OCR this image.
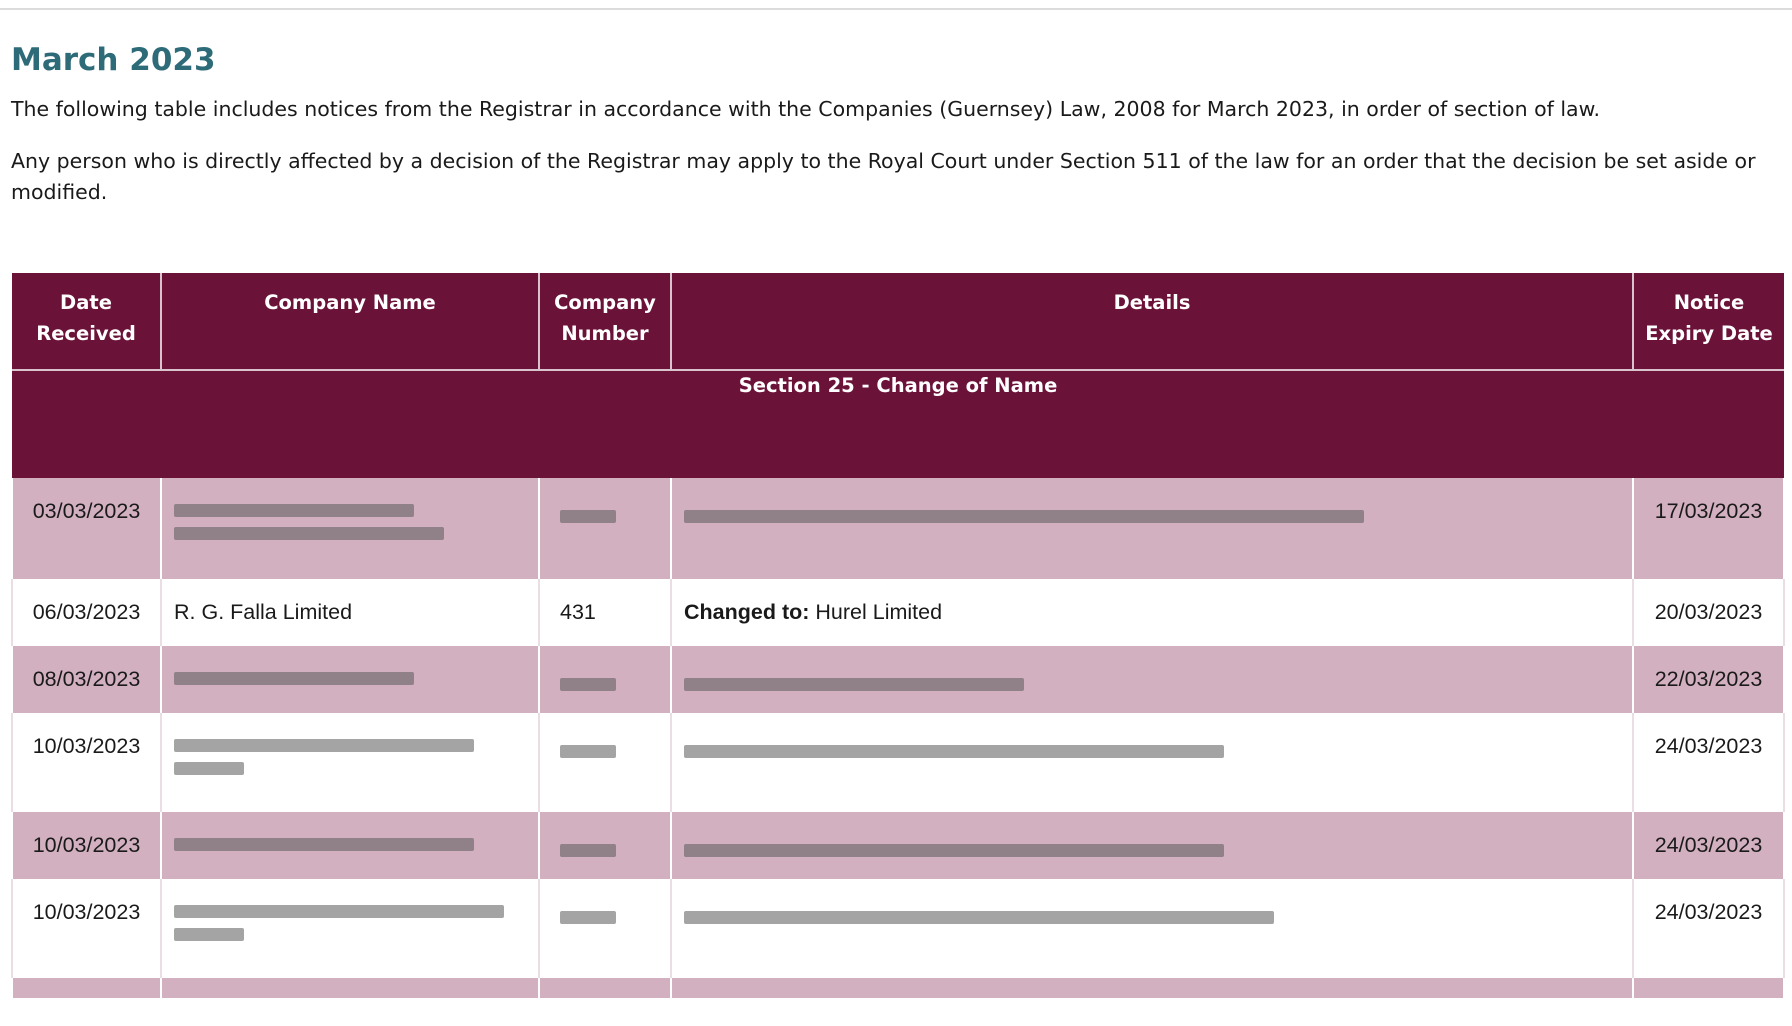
March 2023

The following table includes notices from the Registrar in accordance with the Companies (Guernsey) Law, 2008 for March 2023, in order of section of law.

Any person who is directly affected by a decision of the Registrar may apply to the Royal Court under Section 511 of the law for an order that the decision be set aside or modified.

Date Received	Company Name	Company Number	Details	Notice Expiry Date
Section 25 - Change of Name				
03/03/2023				17/03/2023
06/03/2023	R. G. Falla Limited	431	Changed to: Hurel Limited	20/03/2023
08/03/2023				22/03/2023
10/03/2023				24/03/2023
10/03/2023				24/03/2023
10/03/2023				24/03/2023
